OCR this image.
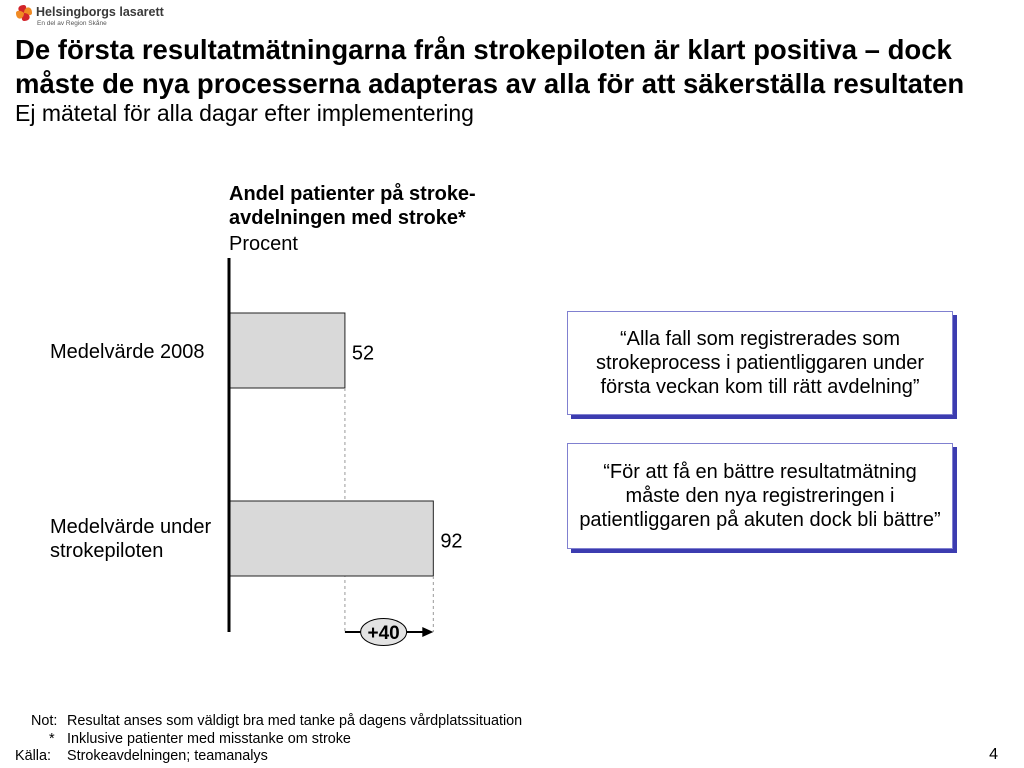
Helsingborgs lasarett
En del av Region Skåne
De första resultatmätningarna från strokepiloten är klart positiva – dock måste de nya processerna adapteras av alla för att säkerställa resultaten
Ej mätetal för alla dagar efter implementering
Andel patienter på stroke-avdelningen med stroke*
Procent
Medelvärde 2008
Medelvärde under strokepiloten
52
92
+40
“Alla fall som registrerades som strokeprocess i patientliggaren under första veckan kom till rätt avdelning”
“För att få en bättre resultatmätning måste den nya registreringen i patientliggaren på akuten dock bli bättre”
Not: Resultat anses som väldigt bra med tanke på dagens vårdplatssituation
* Inklusive patienter med misstanke om stroke
Källa: Strokeavdelningen; teamanalys	4
